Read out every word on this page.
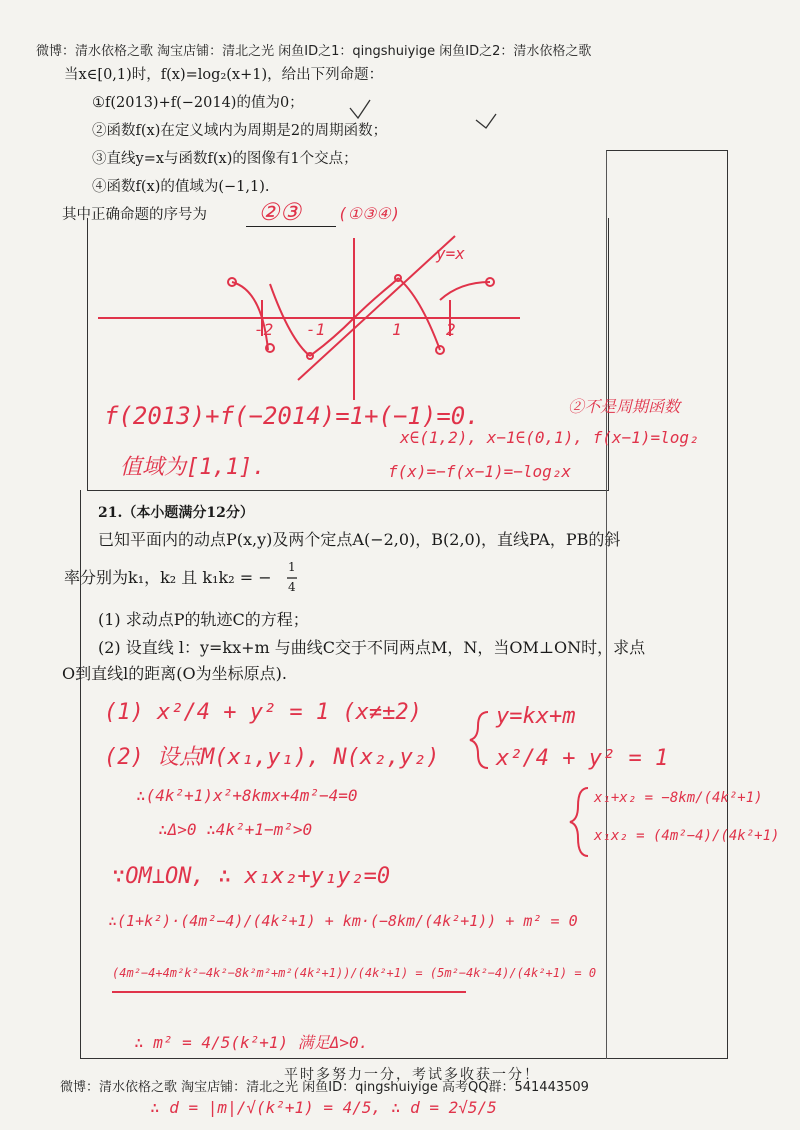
微博：清水依格之歌 淘宝店铺：清北之光 闲鱼ID之1：qingshuiyige 闲鱼ID之2：清水依格之歌
当x∈[0,1)时，f(x)=log₂(x+1)，给出下列命题：
①f(2013)+f(−2014)的值为0；
②函数f(x)在定义域内为周期是2的周期函数；
③直线y=x与函数f(x)的图像有1个交点；
④函数f(x)的值域为(−1,1).
其中正确命题的序号为 ②③ (①③④)
y=x
-2 -1	1	2
f(2013)+f(−2014)=1+(−1)=0.	②不是周期函数
x∈(1,2), x−1∈(0,1), f(x−1)=log₂
值域为[1,1].	f(x)=−f(x−1)=−log₂x
21.（本小题满分12分）
已知平面内的动点P(x,y)及两个定点A(−2,0)，B(2,0)，直线PA，PB的斜
率分别为k₁，k₂ 且 k₁k₂ = −
1
4
(1) 求动点P的轨迹C的方程；
(2) 设直线 l：y=kx+m 与曲线C交于不同两点M，N，当OM⊥ON时，求点
O到直线l的距离(O为坐标原点).
(1) x²/4 + y² = 1 (x≠±2)
(2) 设点M(x₁,y₁), N(x₂,y₂)
y=kx+m
x²/4 + y² = 1
∴(4k²+1)x²+8kmx+4m²−4=0
∴Δ>0 ∴4k²+1−m²>0
x₁+x₂ = −8km/(4k²+1)
x₁x₂ = (4m²−4)/(4k²+1)
∵OM⊥ON, ∴ x₁x₂+y₁y₂=0
∴(1+k²)·(4m²−4)/(4k²+1) + km·(−8km/(4k²+1)) + m² = 0
(4m²−4+4m²k²−4k²−8k²m²+m²(4k²+1))/(4k²+1) = (5m²−4k²−4)/(4k²+1) = 0
∴ m² = 4/5(k²+1) 满足Δ>0.
平时多努力一分，考试多收获一分！
微博：清水依格之歌 淘宝店铺：清北之光 闲鱼ID：qingshuiyige 高考QQ群：541443509
∴ d = |m|/√(k²+1) = 4/5, ∴ d = 2√5/5
